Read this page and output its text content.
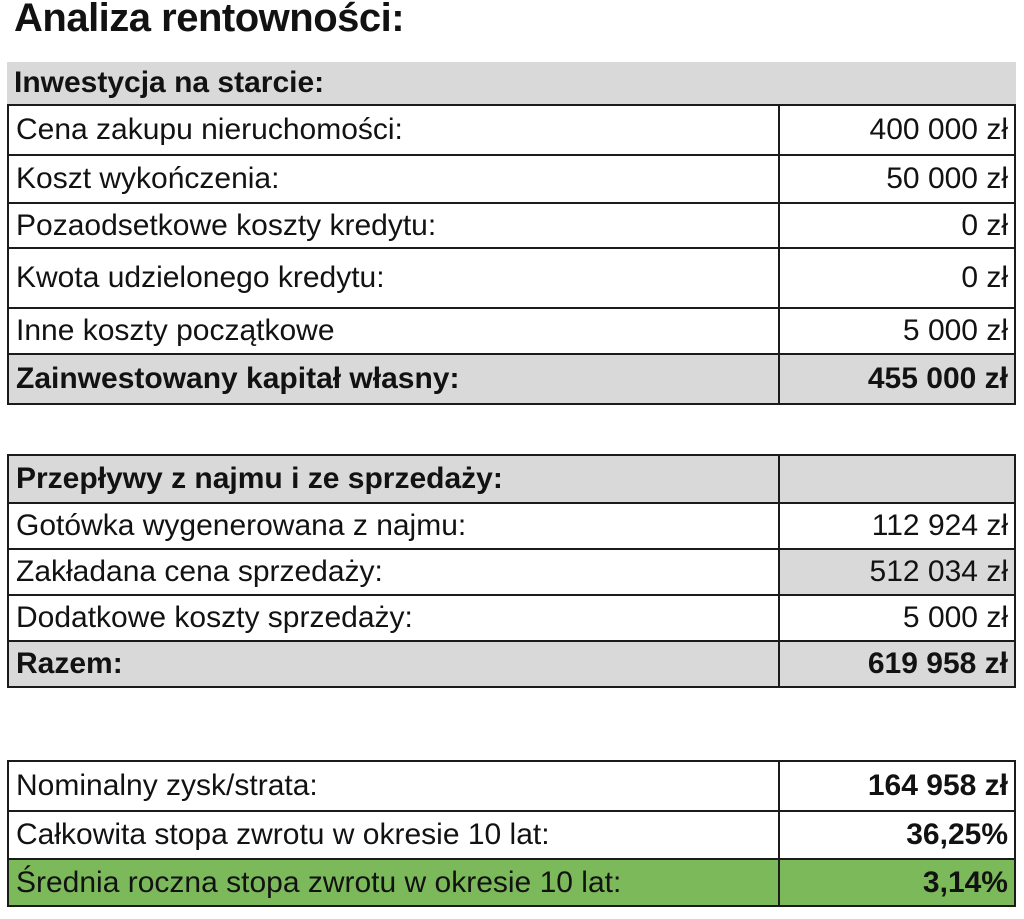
Analiza rentowności:
Inwestycja na starcie:
Cena zakupu nieruchomości:	400 000 zł
Koszt wykończenia:	50 000 zł
Pozaodsetkowe koszty kredytu:	0 zł
Kwota udzielonego kredytu:	0 zł
Inne koszty początkowe	5 000 zł
Zainwestowany kapitał własny:	455 000 zł
Przepływy z najmu i ze sprzedaży:
Gotówka wygenerowana z najmu:	112 924 zł
Zakładana cena sprzedaży:	512 034 zł
Dodatkowe koszty sprzedaży:	5 000 zł
Razem:	619 958 zł
Nominalny zysk/strata:	164 958 zł
Całkowita stopa zwrotu w okresie 10 lat:	36,25%
Średnia roczna stopa zwrotu w okresie 10 lat:	3,14%
